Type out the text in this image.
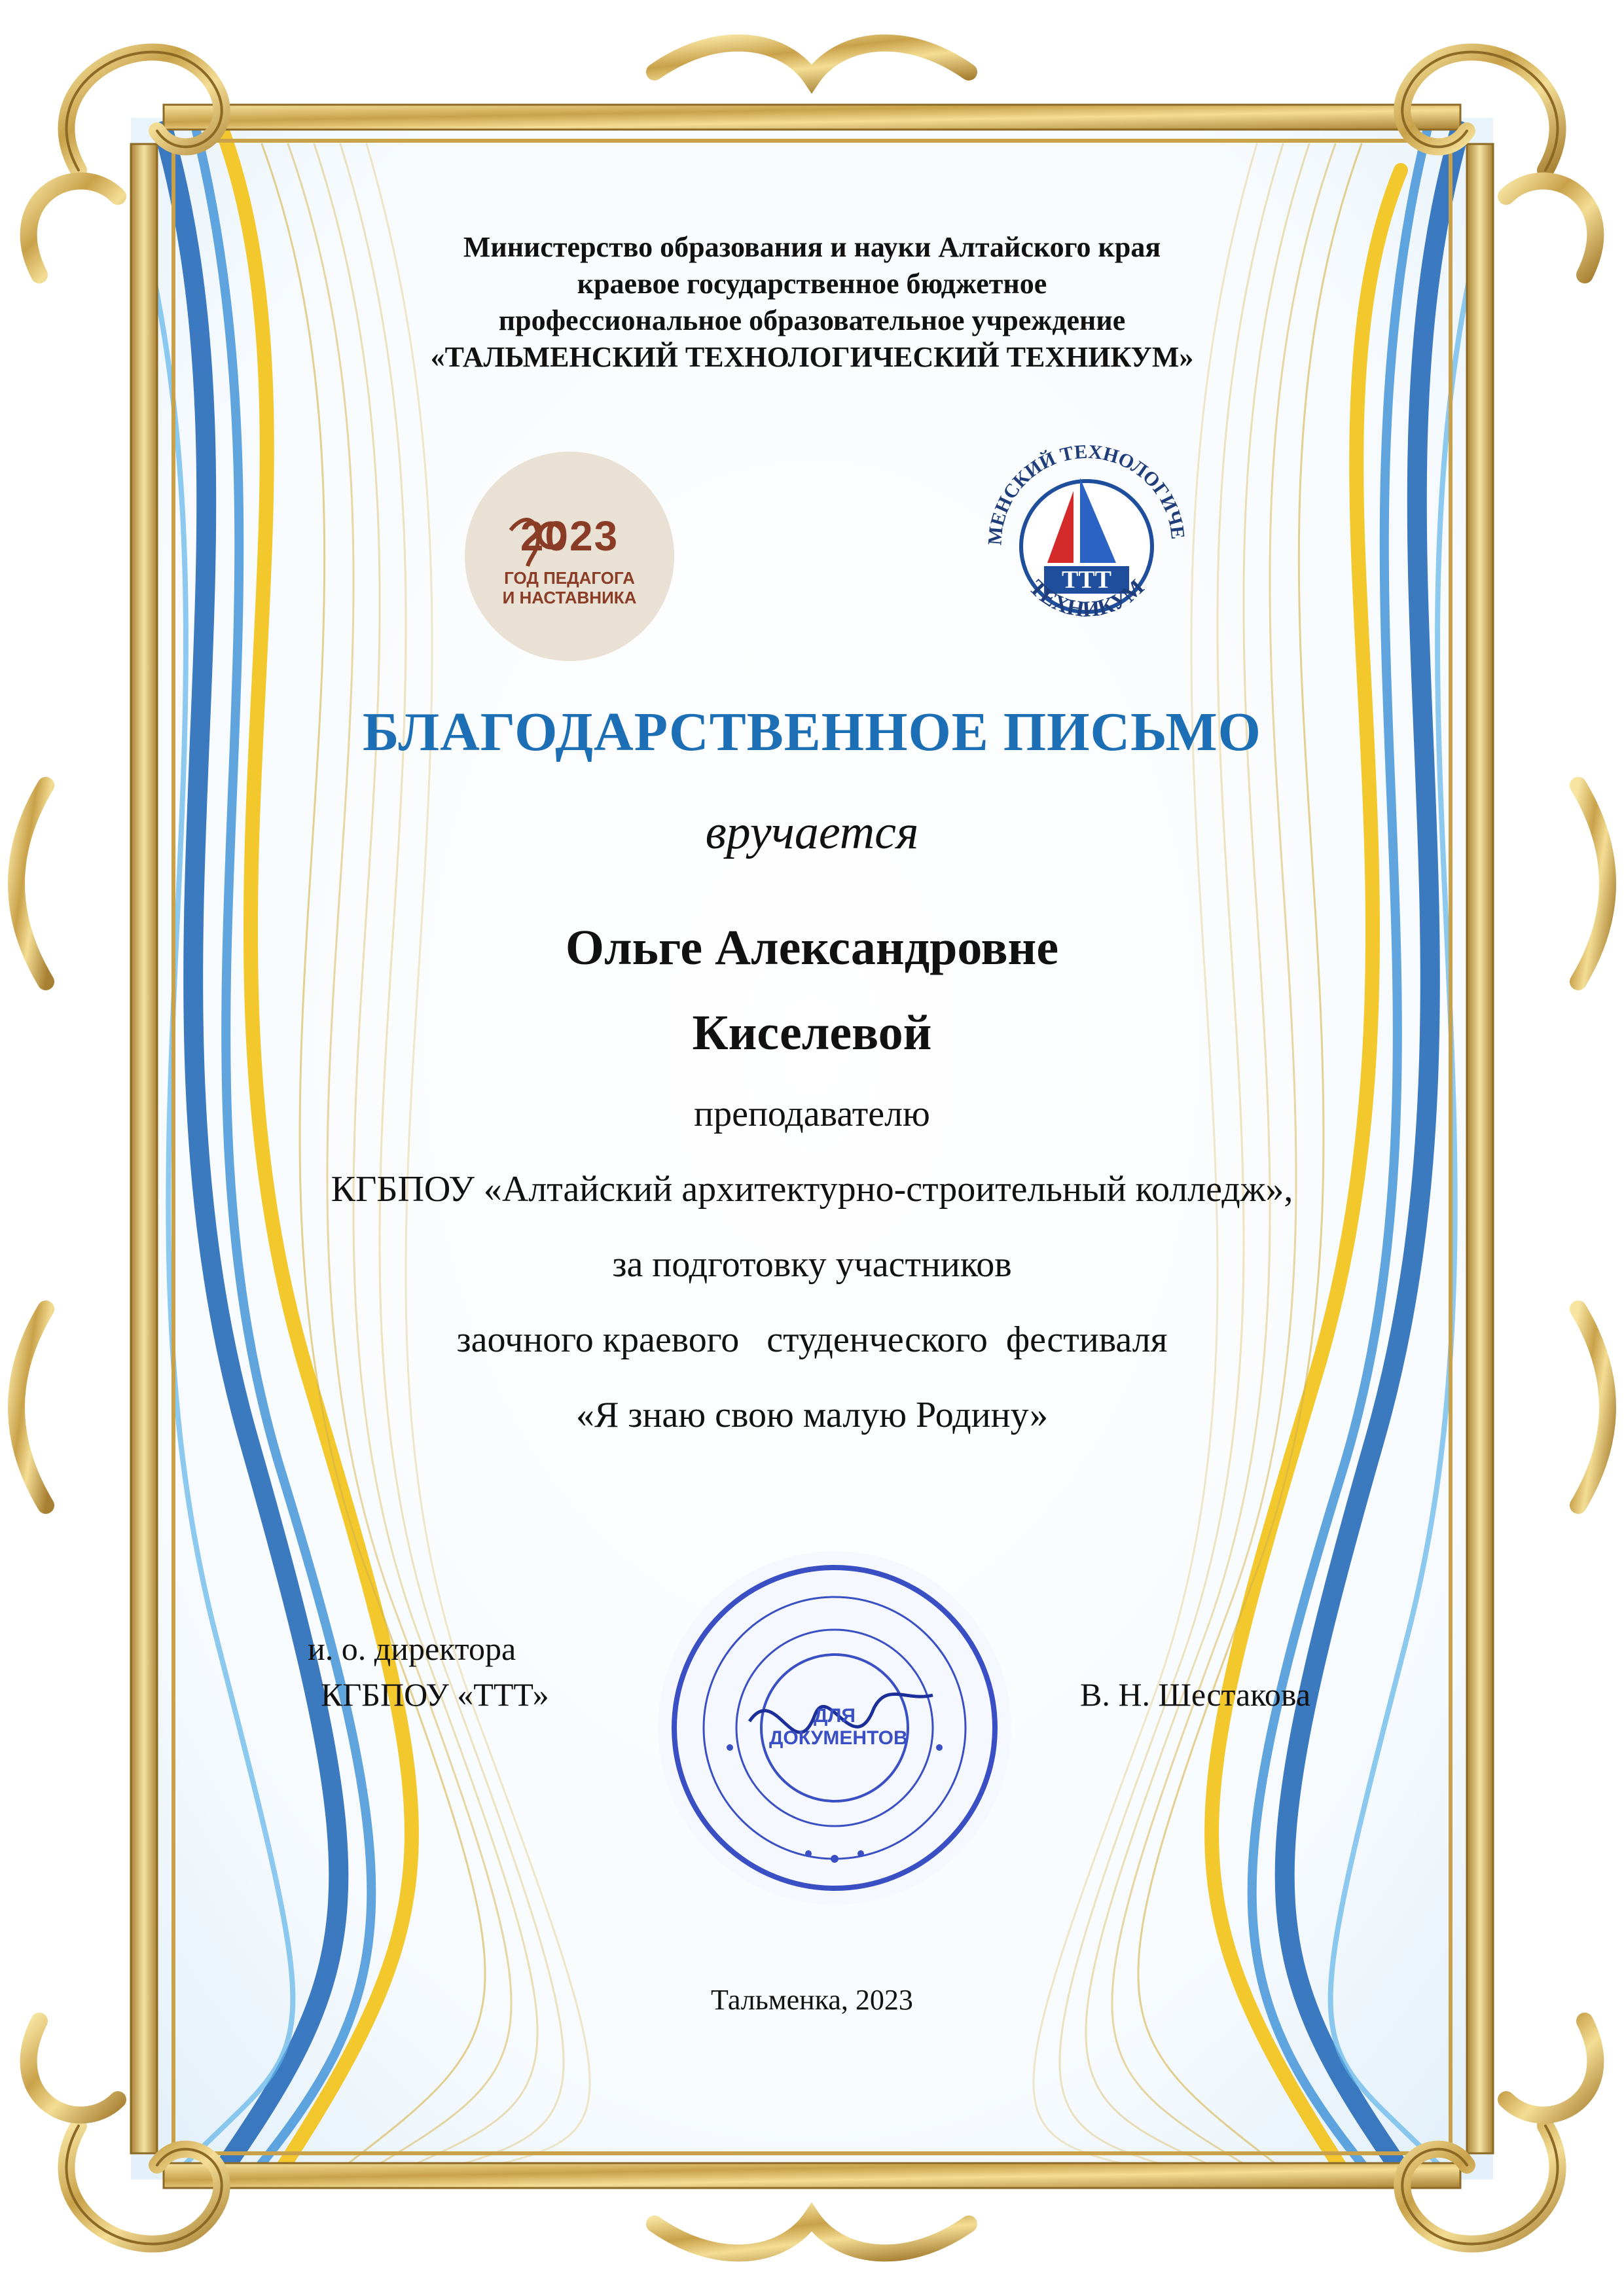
Министерство образования и науки Алтайского края
краевое государственное бюджетное
профессиональное образовательное учреждение
«ТАЛЬМЕНСКИЙ ТЕХНОЛОГИЧЕСКИЙ ТЕХНИКУМ»
2023
ГОД ПЕДАГОГА
И НАСТАВНИКА
ТТТ
МЕНСКИЙ ТЕХНОЛОГИЧЕ
ТЕХНИКУМ
БЛАГОДАРСТВЕННОЕ ПИСЬМО
вручается
Ольге Александровне
Киселевой
преподавателю
КГБПОУ «Алтайский архитектурно-строительный колледж»,
за подготовку участников
заочного краевого   студенческого  фестиваля
«Я знаю свою малую Родину»
и. о. директора
КГБПОУ «ТТТ»	В. Н. Шестакова
ДЛЯ ДОКУМЕНТОВ
Тальменка, 2023
